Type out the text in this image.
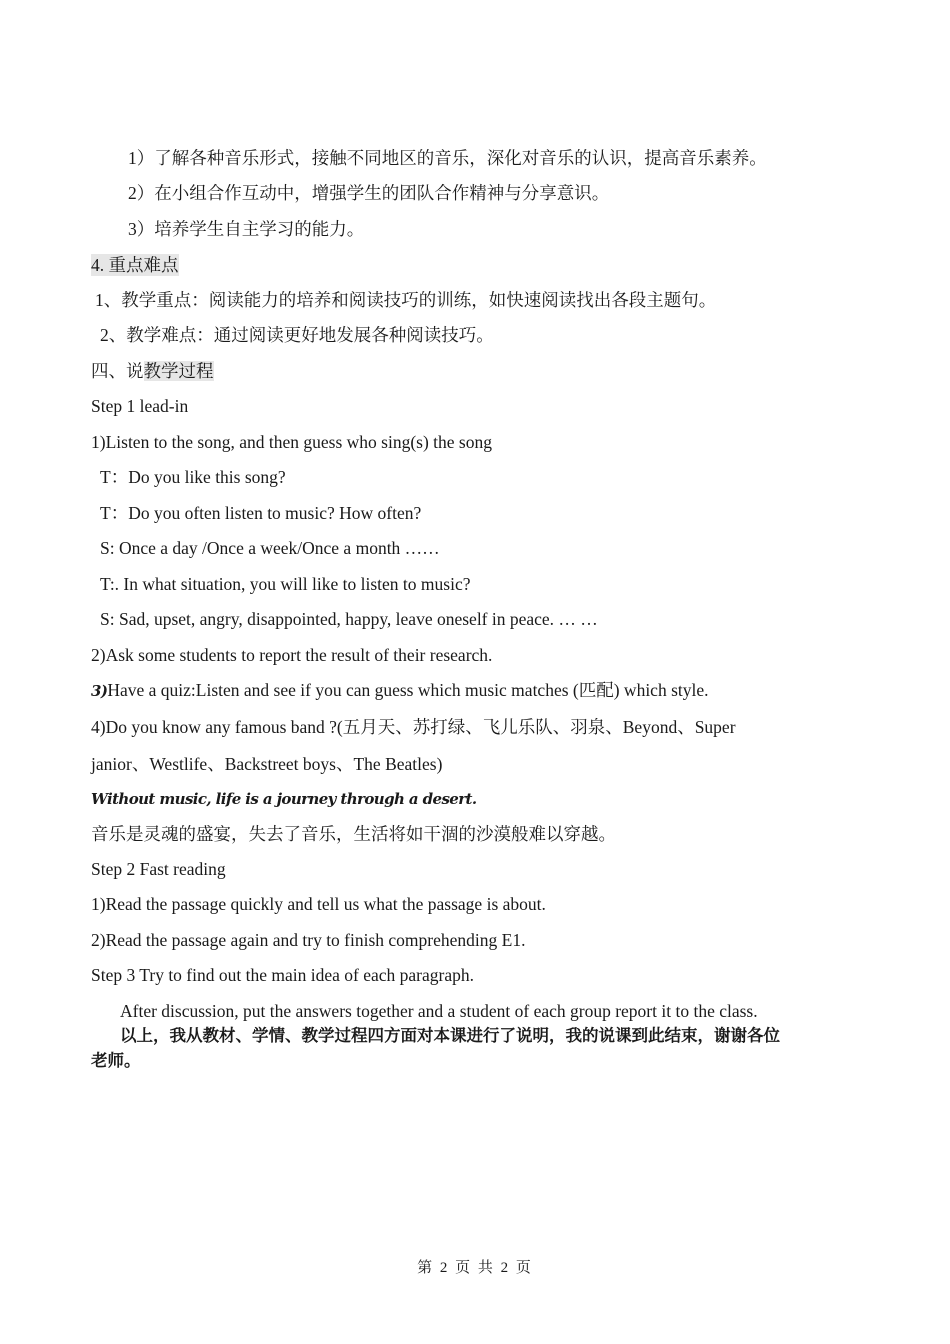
1）了解各种音乐形式，接触不同地区的音乐，深化对音乐的认识，提高音乐素养。
2）在小组合作互动中，增强学生的团队合作精神与分享意识。
3）培养学生自主学习的能力。
4. 重点难点
1、教学重点：阅读能力的培养和阅读技巧的训练，如快速阅读找出各段主题句。
2、教学难点：通过阅读更好地发展各种阅读技巧。
四、说教学过程
Step 1 lead-in
1)Listen to the song, and then guess who sing(s) the song
T：Do you like this song?
T：Do you often listen to music? How often?
S: Once a day /Once a week/Once a month ……
T:. In what situation, you will like to listen to music?
S: Sad, upset, angry, disappointed, happy, leave oneself in peace. … …
2)Ask some students to report the result of their research.
3)Have a quiz:Listen and see if you can guess which music matches (匹配) which style.
4)Do you know any famous band ?(五月天、苏打绿、飞儿乐队、羽泉、Beyond、Super
janior、Westlife、Backstreet boys、The Beatles)
Without music, life is a journey through a desert.
音乐是灵魂的盛宴，失去了音乐，生活将如干涸的沙漠般难以穿越。
Step 2 Fast reading
1)Read the passage quickly and tell us what the passage is about.
2)Read the passage again and try to finish comprehending E1.
Step 3 Try to find out the main idea of each paragraph.
After discussion, put the answers together and a student of each group report it to the class.
以上，我从教材、学情、教学过程四方面对本课进行了说明，我的说课到此结束，谢谢各位
老师。
第 2 页 共 2 页
